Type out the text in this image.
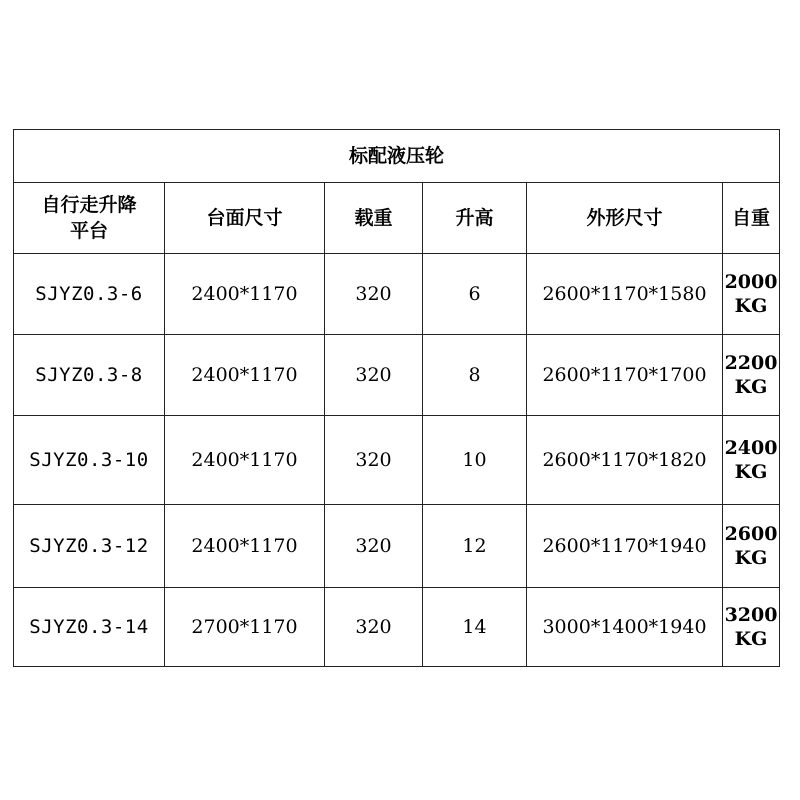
标配液压轮					

自行走升降
平台	台面尺寸	载重	升高	外形尺寸	自重
SJYZ0.3-6	2400*1170	320	6	2600*1170*1580	2000
KG

SJYZ0.3-8	2400*1170	320	8	2600*1170*1700	2200
KG

SJYZ0.3-10	2400*1170	320	10	2600*1170*1820	2400
KG

SJYZ0.3-12	2400*1170	320	12	2600*1170*1940	2600
KG

SJYZ0.3-14	2700*1170	320	14	3000*1400*1940	3200
KG
